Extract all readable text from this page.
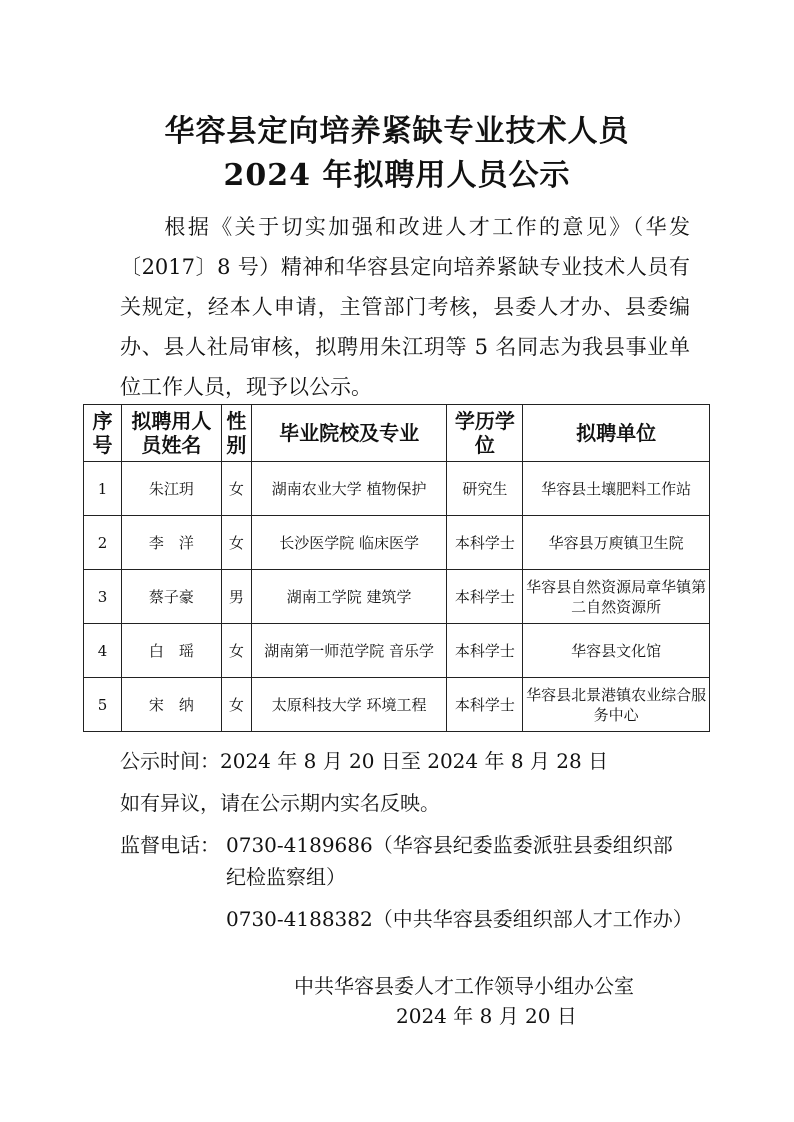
华容县定向培养紧缺专业技术人员
2024 年拟聘用人员公示
根据《关于切实加强和改进人才工作的意见》（华发〔2017〕8 号）精神和华容县定向培养紧缺专业技术人员有关规定，经本人申请，主管部门考核，县委人才办、县委编办、县人社局审核，拟聘用朱江玥等 5 名同志为我县事业单位工作人员，现予以公示。
序号	拟聘用人员姓名	性别	毕业院校及专业	学历学位	拟聘单位
1	朱江玥	女	湖南农业大学 植物保护	研究生	华容县土壤肥料工作站
2	李　洋	女	长沙医学院 临床医学	本科学士	华容县万庾镇卫生院
3	蔡子豪	男	湖南工学院 建筑学	本科学士	华容县自然资源局章华镇第二自然资源所
4	白　瑶	女	湖南第一师范学院 音乐学	本科学士	华容县文化馆
5	宋　纳	女	太原科技大学 环境工程	本科学士	华容县北景港镇农业综合服务中心
公示时间：2024 年 8 月 20 日至 2024 年 8 月 28 日
如有异议，请在公示期内实名反映。
监督电话： 0730-4189686（华容县纪委监委派驻县委组织部
纪检监察组）
0730-4188382（中共华容县委组织部人才工作办）
中共华容县委人才工作领导小组办公室
2024 年 8 月 20 日
